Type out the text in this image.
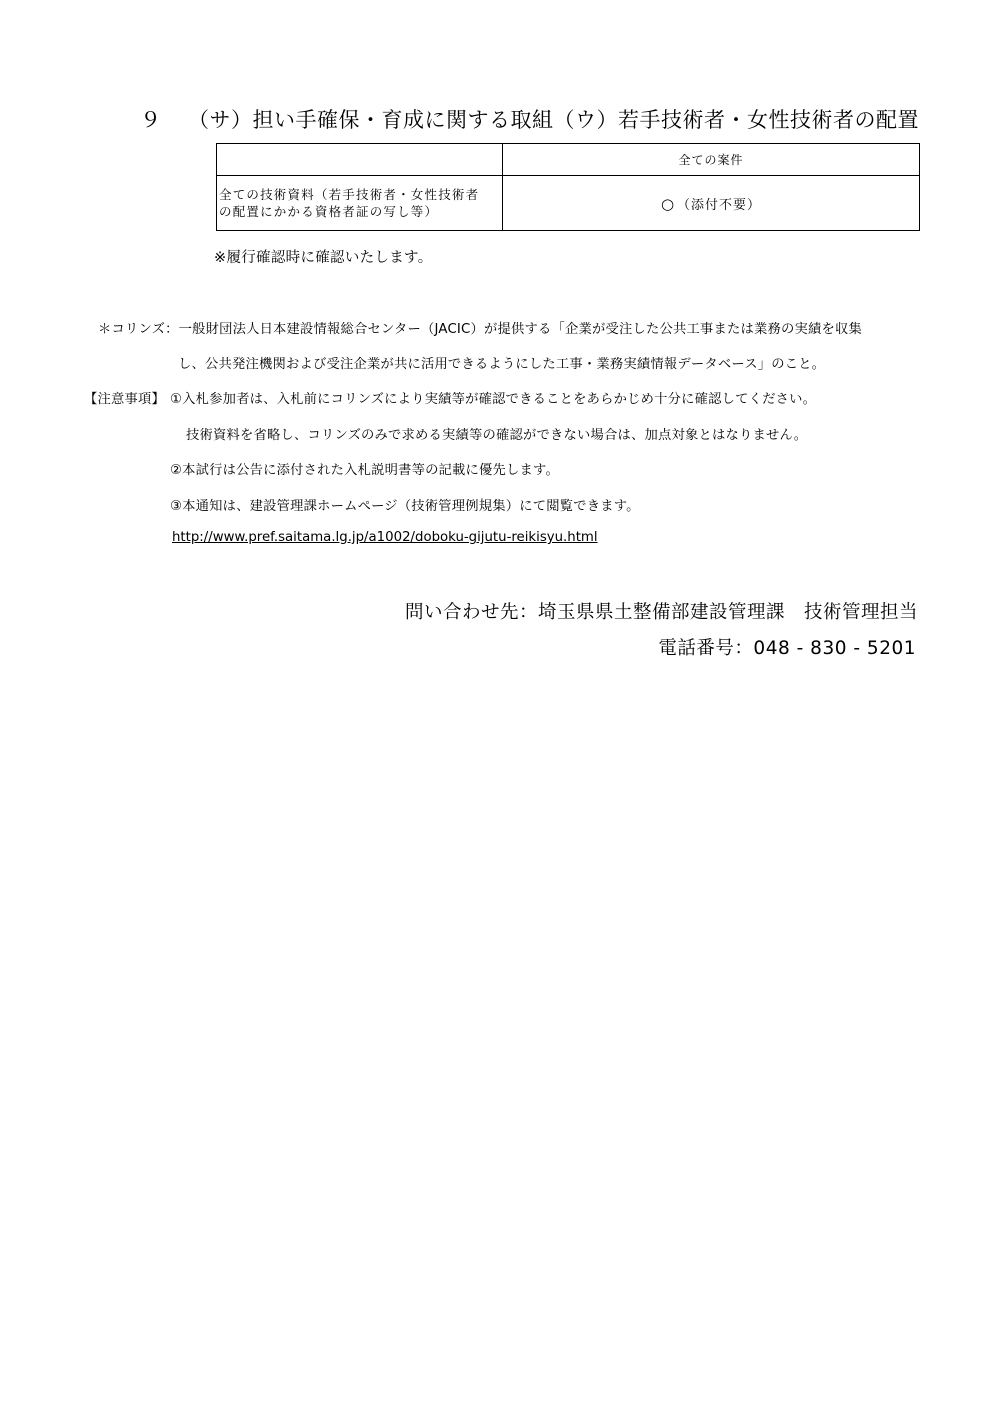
９ （サ）担い手確保・育成に関する取組（ウ）若手技術者・女性技術者の配置
	全ての案件

全ての技術資料（若手技術者・女性技術者
の配置にかかる資格者証の写し等）	○ （添付不要）
※履行確認時に確認いたします。
＊コリンズ：一般財団法人日本建設情報総合センター（JACIC）が提供する「企業が受注した公共工事または業務の実績を収集
し、公共発注機関および受注企業が共に活用できるようにした工事・業務実績情報データベース」のこと。
【注意事項】 ①入札参加者は、入札前にコリンズにより実績等が確認できることをあらかじめ十分に確認してください。
技術資料を省略し、コリンズのみで求める実績等の確認ができない場合は、加点対象とはなりません。
②本試行は公告に添付された入札説明書等の記載に優先します。
③本通知は、建設管理課ホームページ（技術管理例規集）にて閲覧できます。
http://www.pref.saitama.lg.jp/a1002/doboku-gijutu-reikisyu.html
問い合わせ先：埼玉県県土整備部建設管理課　技術管理担当
電話番号：048 - 830 - 5201
